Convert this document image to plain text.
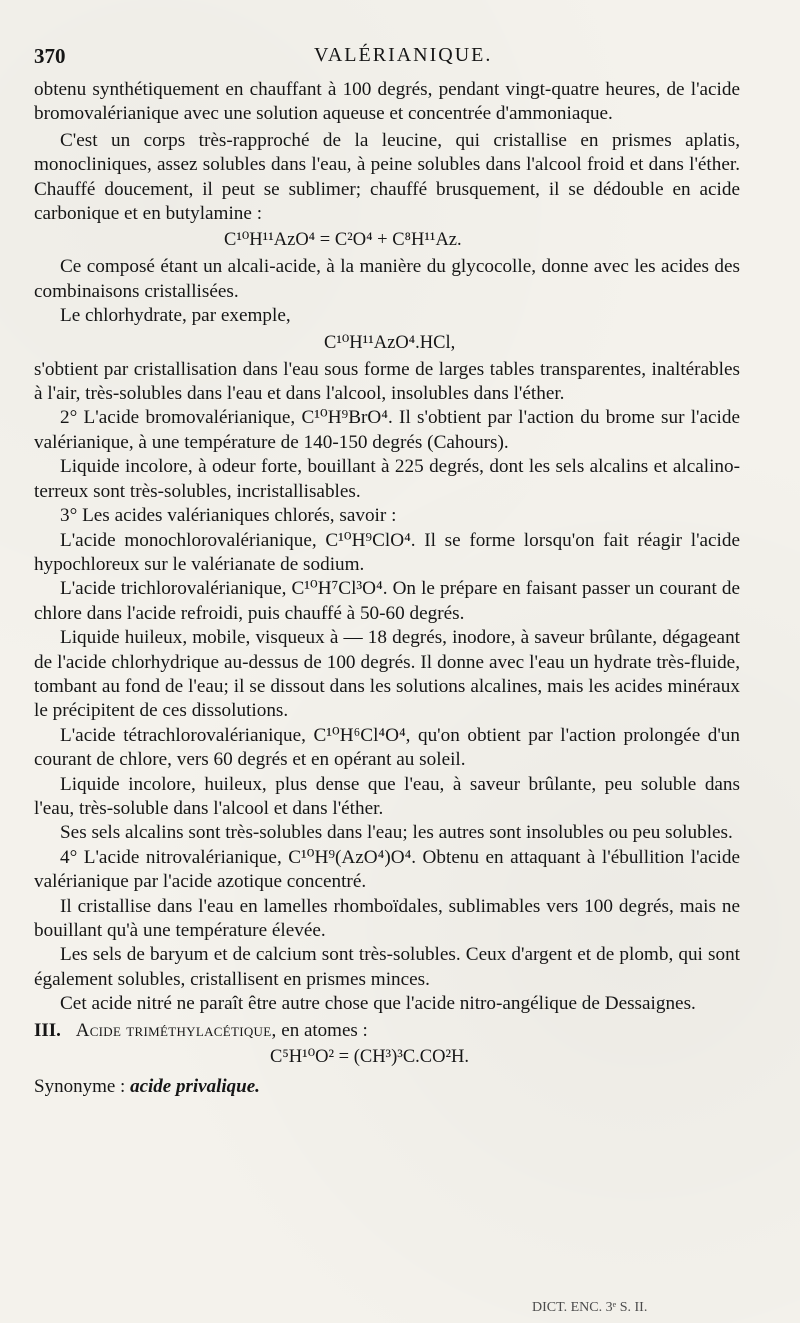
370	VALÉRIANIQUE.

obtenu synthétiquement en chauffant à 100 degrés, pendant vingt-quatre heures, de l'acide bromovalérianique avec une solution aqueuse et concentrée d'ammoniaque.

C'est un corps très-rapproché de la leucine, qui cristallise en prismes aplatis, monocliniques, assez solubles dans l'eau, à peine solubles dans l'alcool froid et dans l'éther. Chauffé doucement, il peut se sublimer; chauffé brusquement, il se dédouble en acide carbonique et en butylamine :

C¹⁰H¹¹AzO⁴ = C²O⁴ + C⁸H¹¹Az.

Ce composé étant un alcali-acide, à la manière du glycocolle, donne avec les acides des combinaisons cristallisées.

Le chlorhydrate, par exemple,

C¹⁰H¹¹AzO⁴.HCl,

s'obtient par cristallisation dans l'eau sous forme de larges tables transparentes, inaltérables à l'air, très-solubles dans l'eau et dans l'alcool, insolubles dans l'éther.

2° L'acide bromovalérianique, C¹⁰H⁹BrO⁴. Il s'obtient par l'action du brome sur l'acide valérianique, à une température de 140-150 degrés (Cahours).

Liquide incolore, à odeur forte, bouillant à 225 degrés, dont les sels alcalins et alcalino-terreux sont très-solubles, incristallisables.

3° Les acides valérianiques chlorés, savoir :

L'acide monochlorovalérianique, C¹⁰H⁹ClO⁴. Il se forme lorsqu'on fait réagir l'acide hypochloreux sur le valérianate de sodium.

L'acide trichlorovalérianique, C¹⁰H⁷Cl³O⁴. On le prépare en faisant passer un courant de chlore dans l'acide refroidi, puis chauffé à 50-60 degrés.

Liquide huileux, mobile, visqueux à — 18 degrés, inodore, à saveur brûlante, dégageant de l'acide chlorhydrique au-dessus de 100 degrés. Il donne avec l'eau un hydrate très-fluide, tombant au fond de l'eau; il se dissout dans les solutions alcalines, mais les acides minéraux le précipitent de ces dissolutions.

L'acide tétrachlorovalérianique, C¹⁰H⁶Cl⁴O⁴, qu'on obtient par l'action prolongée d'un courant de chlore, vers 60 degrés et en opérant au soleil.

Liquide incolore, huileux, plus dense que l'eau, à saveur brûlante, peu soluble dans l'eau, très-soluble dans l'alcool et dans l'éther.

Ses sels alcalins sont très-solubles dans l'eau; les autres sont insolubles ou peu solubles.

4° L'acide nitrovalérianique, C¹⁰H⁹(AzO⁴)O⁴. Obtenu en attaquant à l'ébullition l'acide valérianique par l'acide azotique concentré.

Il cristallise dans l'eau en lamelles rhomboïdales, sublimables vers 100 degrés, mais ne bouillant qu'à une température élevée.

Les sels de baryum et de calcium sont très-solubles. Ceux d'argent et de plomb, qui sont également solubles, cristallisent en prismes minces.

Cet acide nitré ne paraît être autre chose que l'acide nitro-angélique de Dessaignes.

III. Acide triméthylacétique, en atomes :
C⁵H¹⁰O² = (CH³)³C.CO²H.
Synonyme : acide privalique.
DICT. ENC. 3ᵉ S. II.
